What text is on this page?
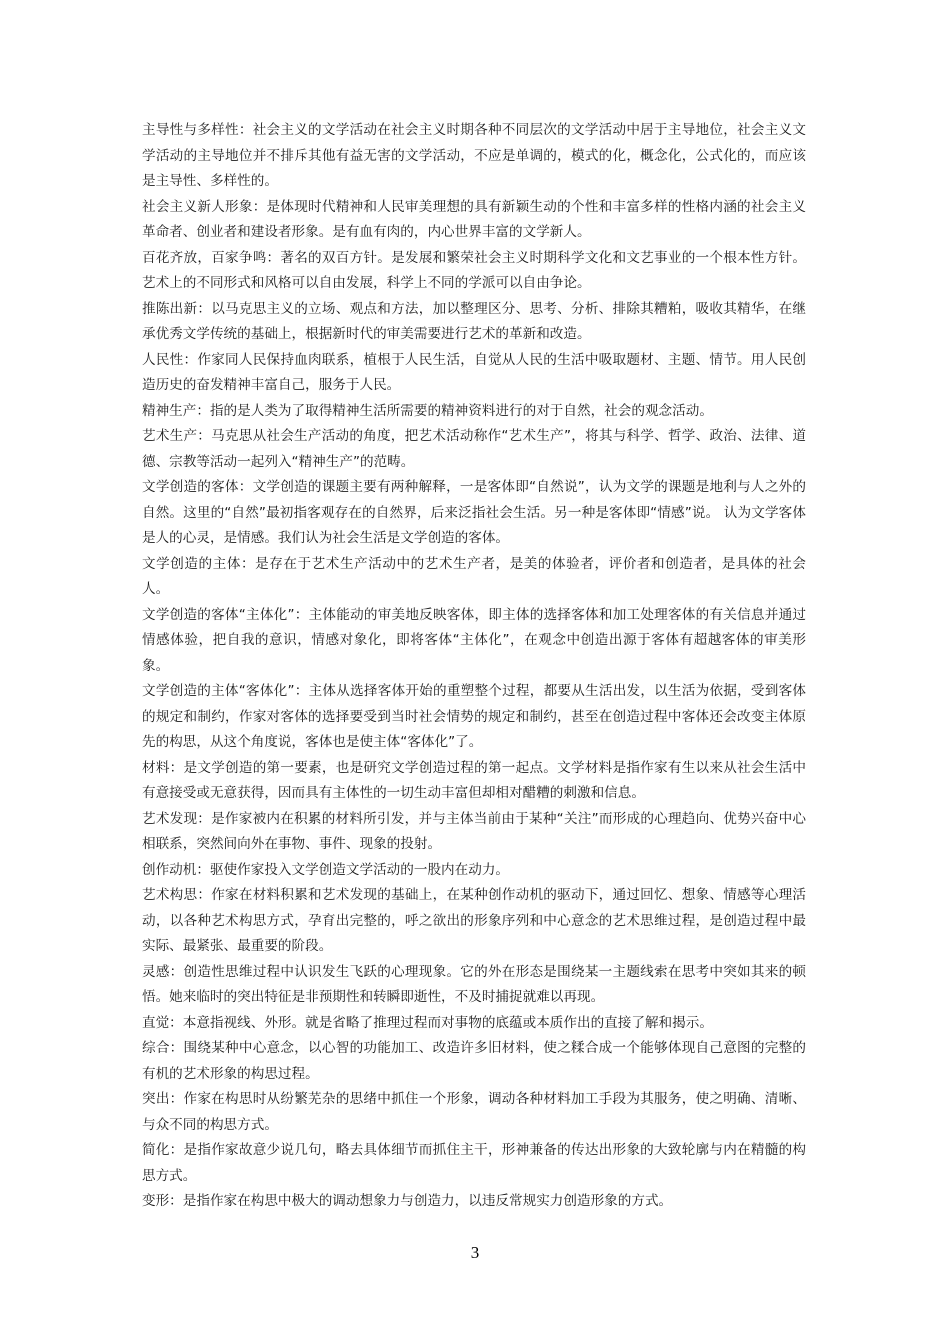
主导性与多样性：社会主义的文学活动在社会主义时期各种不同层次的文学活动中居于主导地位，社会主义文学活动的主导地位并不排斥其他有益无害的文学活动，不应是单调的，模式的化，概念化，公式化的，而应该是主导性、多样性的。

社会主义新人形象：是体现时代精神和人民审美理想的具有新颖生动的个性和丰富多样的性格内涵的社会主义革命者、创业者和建设者形象。是有血有肉的，内心世界丰富的文学新人。

百花齐放，百家争鸣：著名的双百方针。是发展和繁荣社会主义时期科学文化和文艺事业的一个根本性方针。艺术上的不同形式和风格可以自由发展，科学上不同的学派可以自由争论。

推陈出新：以马克思主义的立场、观点和方法，加以整理区分、思考、分析、排除其糟粕，吸收其精华，在继承优秀文学传统的基础上，根据新时代的审美需要进行艺术的革新和改造。

人民性：作家同人民保持血肉联系，植根于人民生活，自觉从人民的生活中吸取题材、主题、情节。用人民创造历史的奋发精神丰富自己，服务于人民。

精神生产：指的是人类为了取得精神生活所需要的精神资料进行的对于自然，社会的观念活动。

艺术生产：马克思从社会生产活动的角度，把艺术活动称作“艺术生产”，将其与科学、哲学、政治、法律、道德、宗教等活动一起列入“精神生产”的范畴。

文学创造的客体：文学创造的课题主要有两种解释，一是客体即“自然说”，认为文学的课题是地利与人之外的自然。这里的“自然”最初指客观存在的自然界，后来泛指社会生活。另一种是客体即“情感”说。 认为文学客体是人的心灵，是情感。我们认为社会生活是文学创造的客体。

文学创造的主体：是存在于艺术生产活动中的艺术生产者，是美的体验者，评价者和创造者，是具体的社会人。

文学创造的客体“主体化”：主体能动的审美地反映客体，即主体的选择客体和加工处理客体的有关信息并通过情感体验，把自我的意识，情感对象化，即将客体“主体化”，在观念中创造出源于客体有超越客体的审美形象。

文学创造的主体“客体化”：主体从选择客体开始的重塑整个过程，都要从生活出发，以生活为依据，受到客体的规定和制约，作家对客体的选择要受到当时社会情势的规定和制约，甚至在创造过程中客体还会改变主体原先的构思，从这个角度说，客体也是使主体“客体化”了。

材料：是文学创造的第一要素，也是研究文学创造过程的第一起点。文学材料是指作家有生以来从社会生活中有意接受或无意获得，因而具有主体性的一切生动丰富但却相对醋糟的刺激和信息。

艺术发现：是作家被内在积累的材料所引发，并与主体当前由于某种“关注”而形成的心理趋向、优势兴奋中心相联系，突然间向外在事物、事件、现象的投射。

创作动机：驱使作家投入文学创造文学活动的一股内在动力。

艺术构思：作家在材料积累和艺术发现的基础上，在某种创作动机的驱动下，通过回忆、想象、情感等心理活动，以各种艺术构思方式，孕育出完整的，呼之欲出的形象序列和中心意念的艺术思维过程，是创造过程中最实际、最紧张、最重要的阶段。

灵感：创造性思维过程中认识发生飞跃的心理现象。它的外在形态是围绕某一主题线索在思考中突如其来的顿悟。她来临时的突出特征是非预期性和转瞬即逝性，不及时捕捉就难以再现。

直觉：本意指视线、外形。就是省略了推理过程而对事物的底蕴或本质作出的直接了解和揭示。

综合：围绕某种中心意念，以心智的功能加工、改造许多旧材料，使之糅合成一个能够体现自己意图的完整的有机的艺术形象的构思过程。

突出：作家在构思时从纷繁芜杂的思绪中抓住一个形象，调动各种材料加工手段为其服务，使之明确、清晰、与众不同的构思方式。

简化：是指作家故意少说几句，略去具体细节而抓住主干，形神兼备的传达出形象的大致轮廓与内在精髓的构思方式。

变形：是指作家在构思中极大的调动想象力与创造力，以违反常规实力创造形象的方式。

3
